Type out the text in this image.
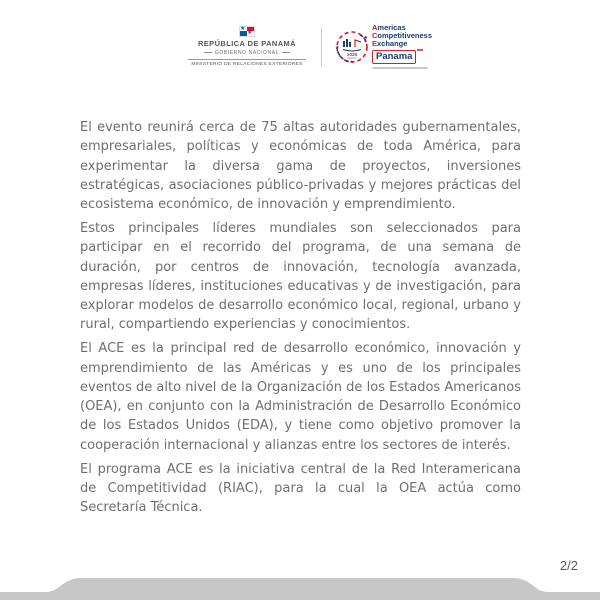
★
★
REPÚBLICA DE PANAMÁ
GOBIERNO NACIONAL
MINISTERIO DE RELACIONES EXTERIORES
2025
★
★
★
Americas
Competitiveness
Exchange
Panama

El evento reunirá cerca de 75 altas autoridades gubernamentales, empresariales, políticas y económicas de toda América, para experimentar la diversa gama de proyectos, inversiones estratégicas, asociaciones público-privadas y mejores prácticas del ecosistema económico, de innovación y emprendimiento.

Estos principales líderes mundiales son seleccionados para participar en el recorrido del programa, de una semana de duración, por centros de innovación, tecnología avanzada, empresas líderes, instituciones educativas y de investigación, para explorar modelos de desarrollo económico local, regional, urbano y rural, compartiendo experiencias y conocimientos.

El ACE es la principal red de desarrollo económico, innovación y emprendimiento de las Américas y es uno de los principales eventos de alto nivel de la Organización de los Estados Americanos (OEA), en conjunto con la Administración de Desarrollo Económico de los Estados Unidos (EDA), y tiene como objetivo promover la cooperación internacional y alianzas entre los sectores de interés.

El programa ACE es la iniciativa central de la Red Interamericana de Competitividad (RIAC), para la cual la OEA actúa como Secretaría Técnica.

2/2
